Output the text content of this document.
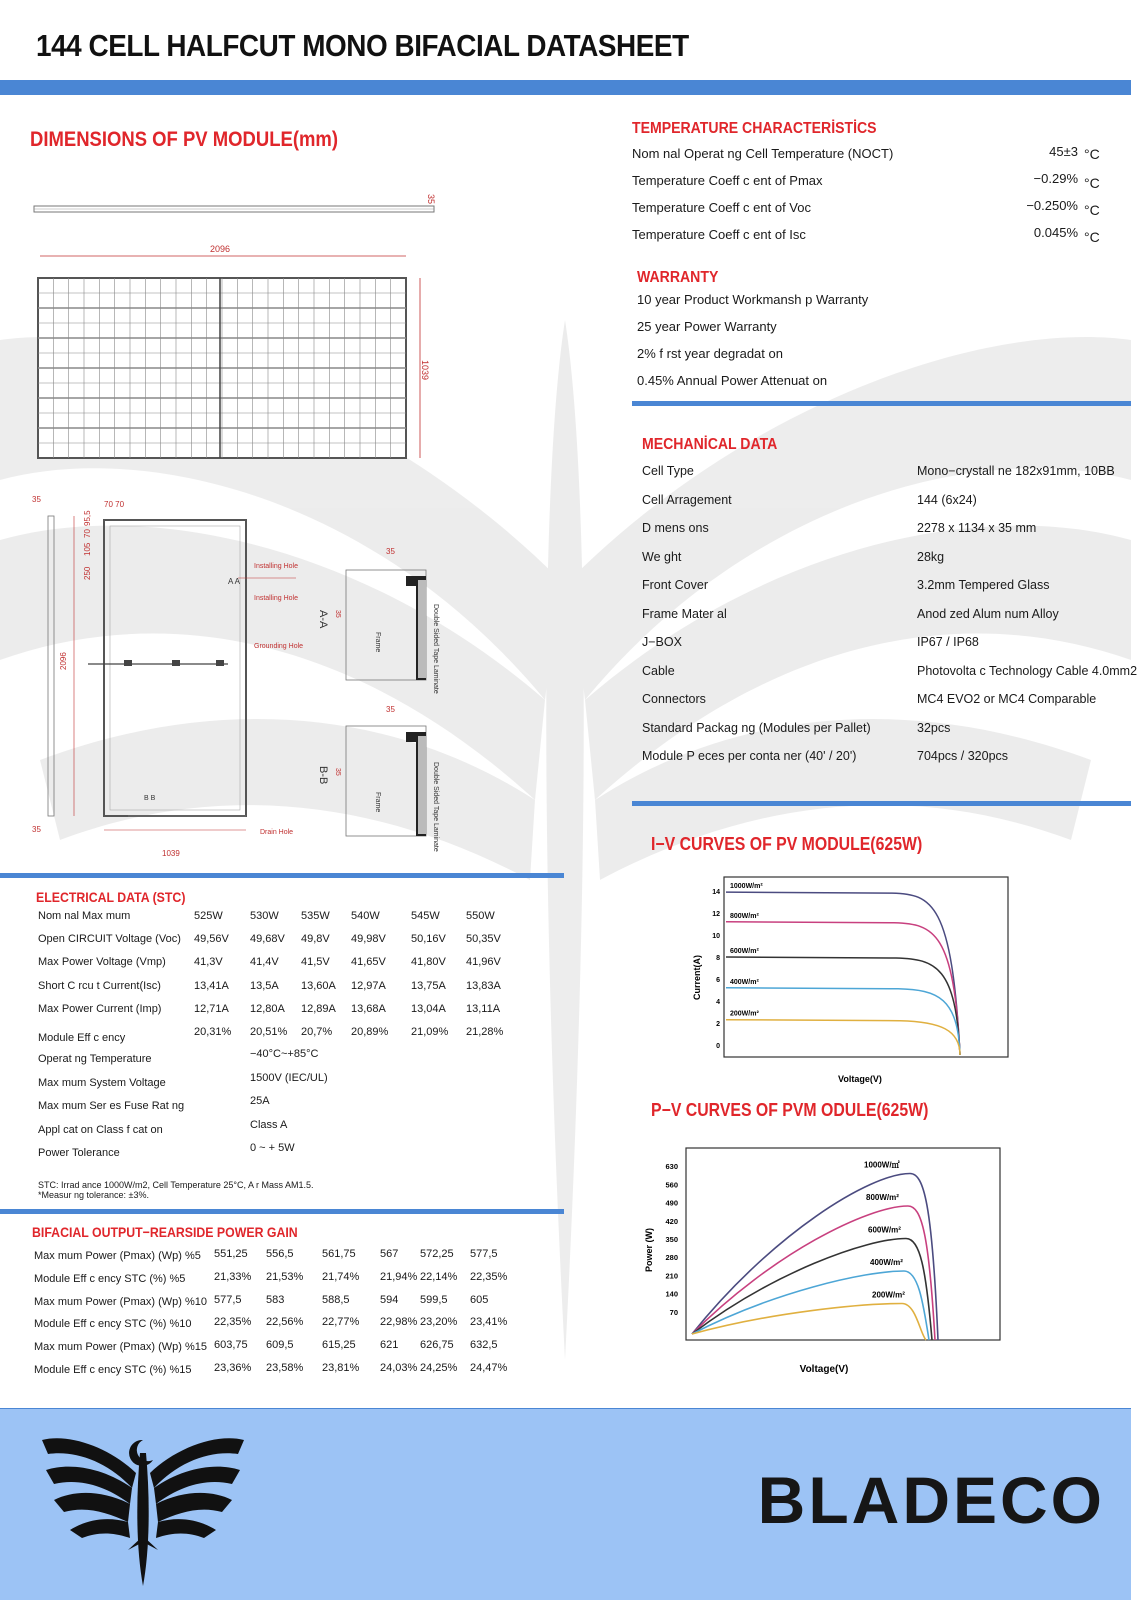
144 CELL HALFCUT MONO BIFACIAL DATASHEET
DIMENSIONS OF PV MODULE(mm)
35
2096
1039
35
35
70 70
2096
250
105
70
95,5
A A
B B
1039
Installing Hole
Installing Hole
Grounding Hole
Drain Hole
35
A-A 35
Frame	Double Sided Tape Laminate
35
B-B 35
Frame	Double Sided Tape Laminate
TEMPERATURE CHARACTERİSTİCS
Nom nal Operat ng Cell Temperature (NOCT)	45±3 °C
Temperature Coeff c ent of Pmax	−0.29% °C
Temperature Coeff c ent of Voc	−0.250% °C
Temperature Coeff c ent of Isc	0.045% °C
WARRANTY
10 year Product Workmansh p Warranty
25 year Power Warranty
2% f rst year degradat on
0.45% Annual Power Attenuat on
MECHANİCAL DATA
Cell Type	Mono−crystall ne 182x91mm, 10BB
Cell Arragement	144 (6x24)
D mens ons	2278 x 1134 x 35 mm
We ght	28kg
Front Cover	3.2mm Tempered Glass
Frame Mater al	Anod zed Alum num Alloy
J−BOX	IP67 / IP68
Cable	Photovolta c Technology Cable 4.0mm2
Connectors	MC4 EVO2 or MC4 Comparable
Standard Packag ng (Modules per Pallet)	32pcs
Module P eces per conta ner (40' / 20')	704pcs / 320pcs
ELECTRICAL DATA (STC)
Nom nal Max mum	525W 530W 535W 540W	545W 550W
Open CIRCUIT Voltage (Voc) 49,56V 49,68V 49,8V 49,98V 50,16V 50,35V
Max Power Voltage (Vmp)	41,3V 41,4V 41,5V 41,65V 41,80V 41,96V
Short C rcu t Current(Isc)	13,41A 13,5A 13,60A 12,97A 13,75A 13,83A
Max Power Current (Imp)	12,71A 12,80A 12,89A 13,68A 13,04A 13,11A
Module Eff c ency	20,31% 20,51% 20,7% 20,89% 21,09% 21,28%
Operat ng Temperature	−40°C~+85°C
Max mum System Voltage	1500V (IEC/UL)
Max mum Ser es Fuse Rat ng	25A
Appl cat on Class f cat on	Class A
Power Tolerance	0 ~ + 5W
STC: Irrad ance 1000W/m2, Cell Temperature 25°C, A r Mass AM1.5.
*Measur ng tolerance: ±3%.
BIFACIAL OUTPUT−REARSIDE POWER GAIN
Max mum Power (Pmax) (Wp) %5 551,25 556,5	561,75 567 572,25 577,5
Module Eff c ency STC (%) %5	21,33% 21,53% 21,74% 21,94% 22,14% 22,35%
Max mum Power (Pmax) (Wp) %10 577,5 583	588,5	594 599,5 605
Module Eff c ency STC (%) %10 22,35% 22,56% 22,77% 22,98% 23,20% 23,41%
Max mum Power (Pmax) (Wp) %15 603,75 609,5	615,25 621 626,75 632,5
Module Eff c ency STC (%) %15 23,36% 23,58% 23,81% 24,03% 24,25% 24,47%
I−V CURVES OF PV MODULE(625W)
14
12
10
8
6
4
2
0
1000W/m²
800W/m²
600W/m²
400W/m²
200W/m²
Voltage(V)
Current(A)
P−V CURVES OF PVM ODULE(625W)
630
560
490
420
350
280
210
140
70
1000W/㎡
800W/m²
600W/m²
400W/m²
200W/m²
Voltage(V)
Power (W)
BLADECO
